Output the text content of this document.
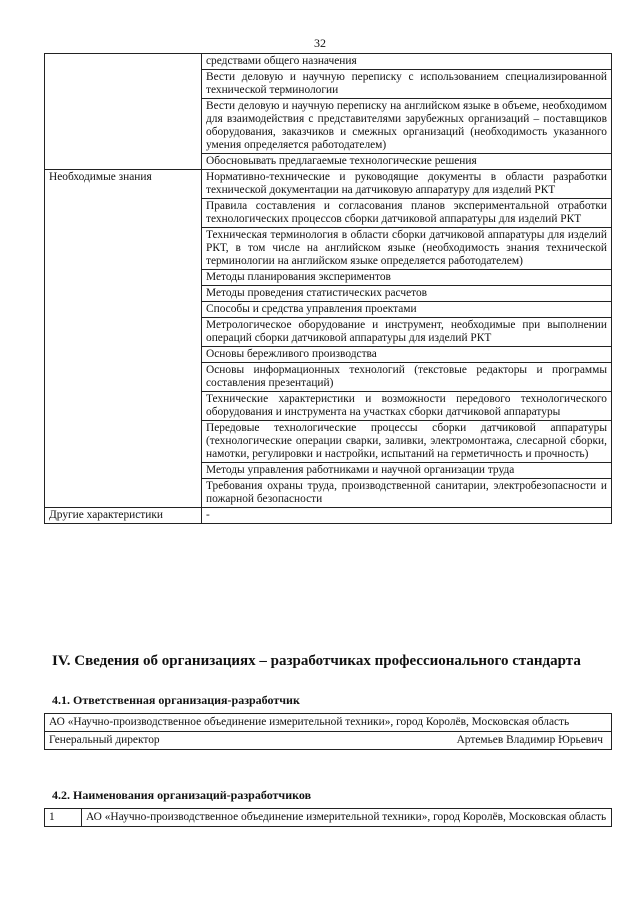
32
	средствами общего назначения
	Вести деловую и научную переписку с использованием специализированной технической терминологии
	Вести деловую и научную переписку на английском языке в объеме, необходимом для взаимодействия с представителями зарубежных организаций – поставщиков оборудования, заказчиков и смежных организаций (необходимость указанного умения определяется работодателем)
	Обосновывать предлагаемые технологические решения
Необходимые знания	Нормативно-технические и руководящие документы в области разработки технической документации на датчиковую аппаратуру для изделий РКТ
	Правила составления и согласования планов экспериментальной отработки технологических процессов сборки датчиковой аппаратуры для изделий РКТ
	Техническая терминология в области сборки датчиковой аппаратуры для изделий РКТ, в том числе на английском языке (необходимость знания технической терминологии на английском языке определяется работодателем)
	Методы планирования экспериментов
	Методы проведения статистических расчетов
	Способы и средства управления проектами
	Метрологическое оборудование и инструмент, необходимые при выполнении операций сборки датчиковой аппаратуры для изделий РКТ
	Основы бережливого производства
	Основы информационных технологий (текстовые редакторы и программы составления презентаций)
	Технические характеристики и возможности передового технологического оборудования и инструмента на участках сборки датчиковой аппаратуры
	Передовые технологические процессы сборки датчиковой аппаратуры (технологические операции сварки, заливки, электромонтажа, слесарной сборки, намотки, регулировки и настройки, испытаний на герметичность и прочность)
	Методы управления работниками и научной организации труда
	Требования охраны труда, производственной санитарии, электробезопасности и пожарной безопасности
Другие характеристики	-
IV. Сведения об организациях – разработчиках профессионального стандарта
4.1. Ответственная организация-разработчик
АО «Научно-производственное объединение измерительной техники», город Королёв, Московская область

Генеральный директор	Артемьев Владимир Юрьевич
4.2. Наименования организаций-разработчиков
1	АО «Научно-производственное объединение измерительной техники», город Королёв, Московская область
